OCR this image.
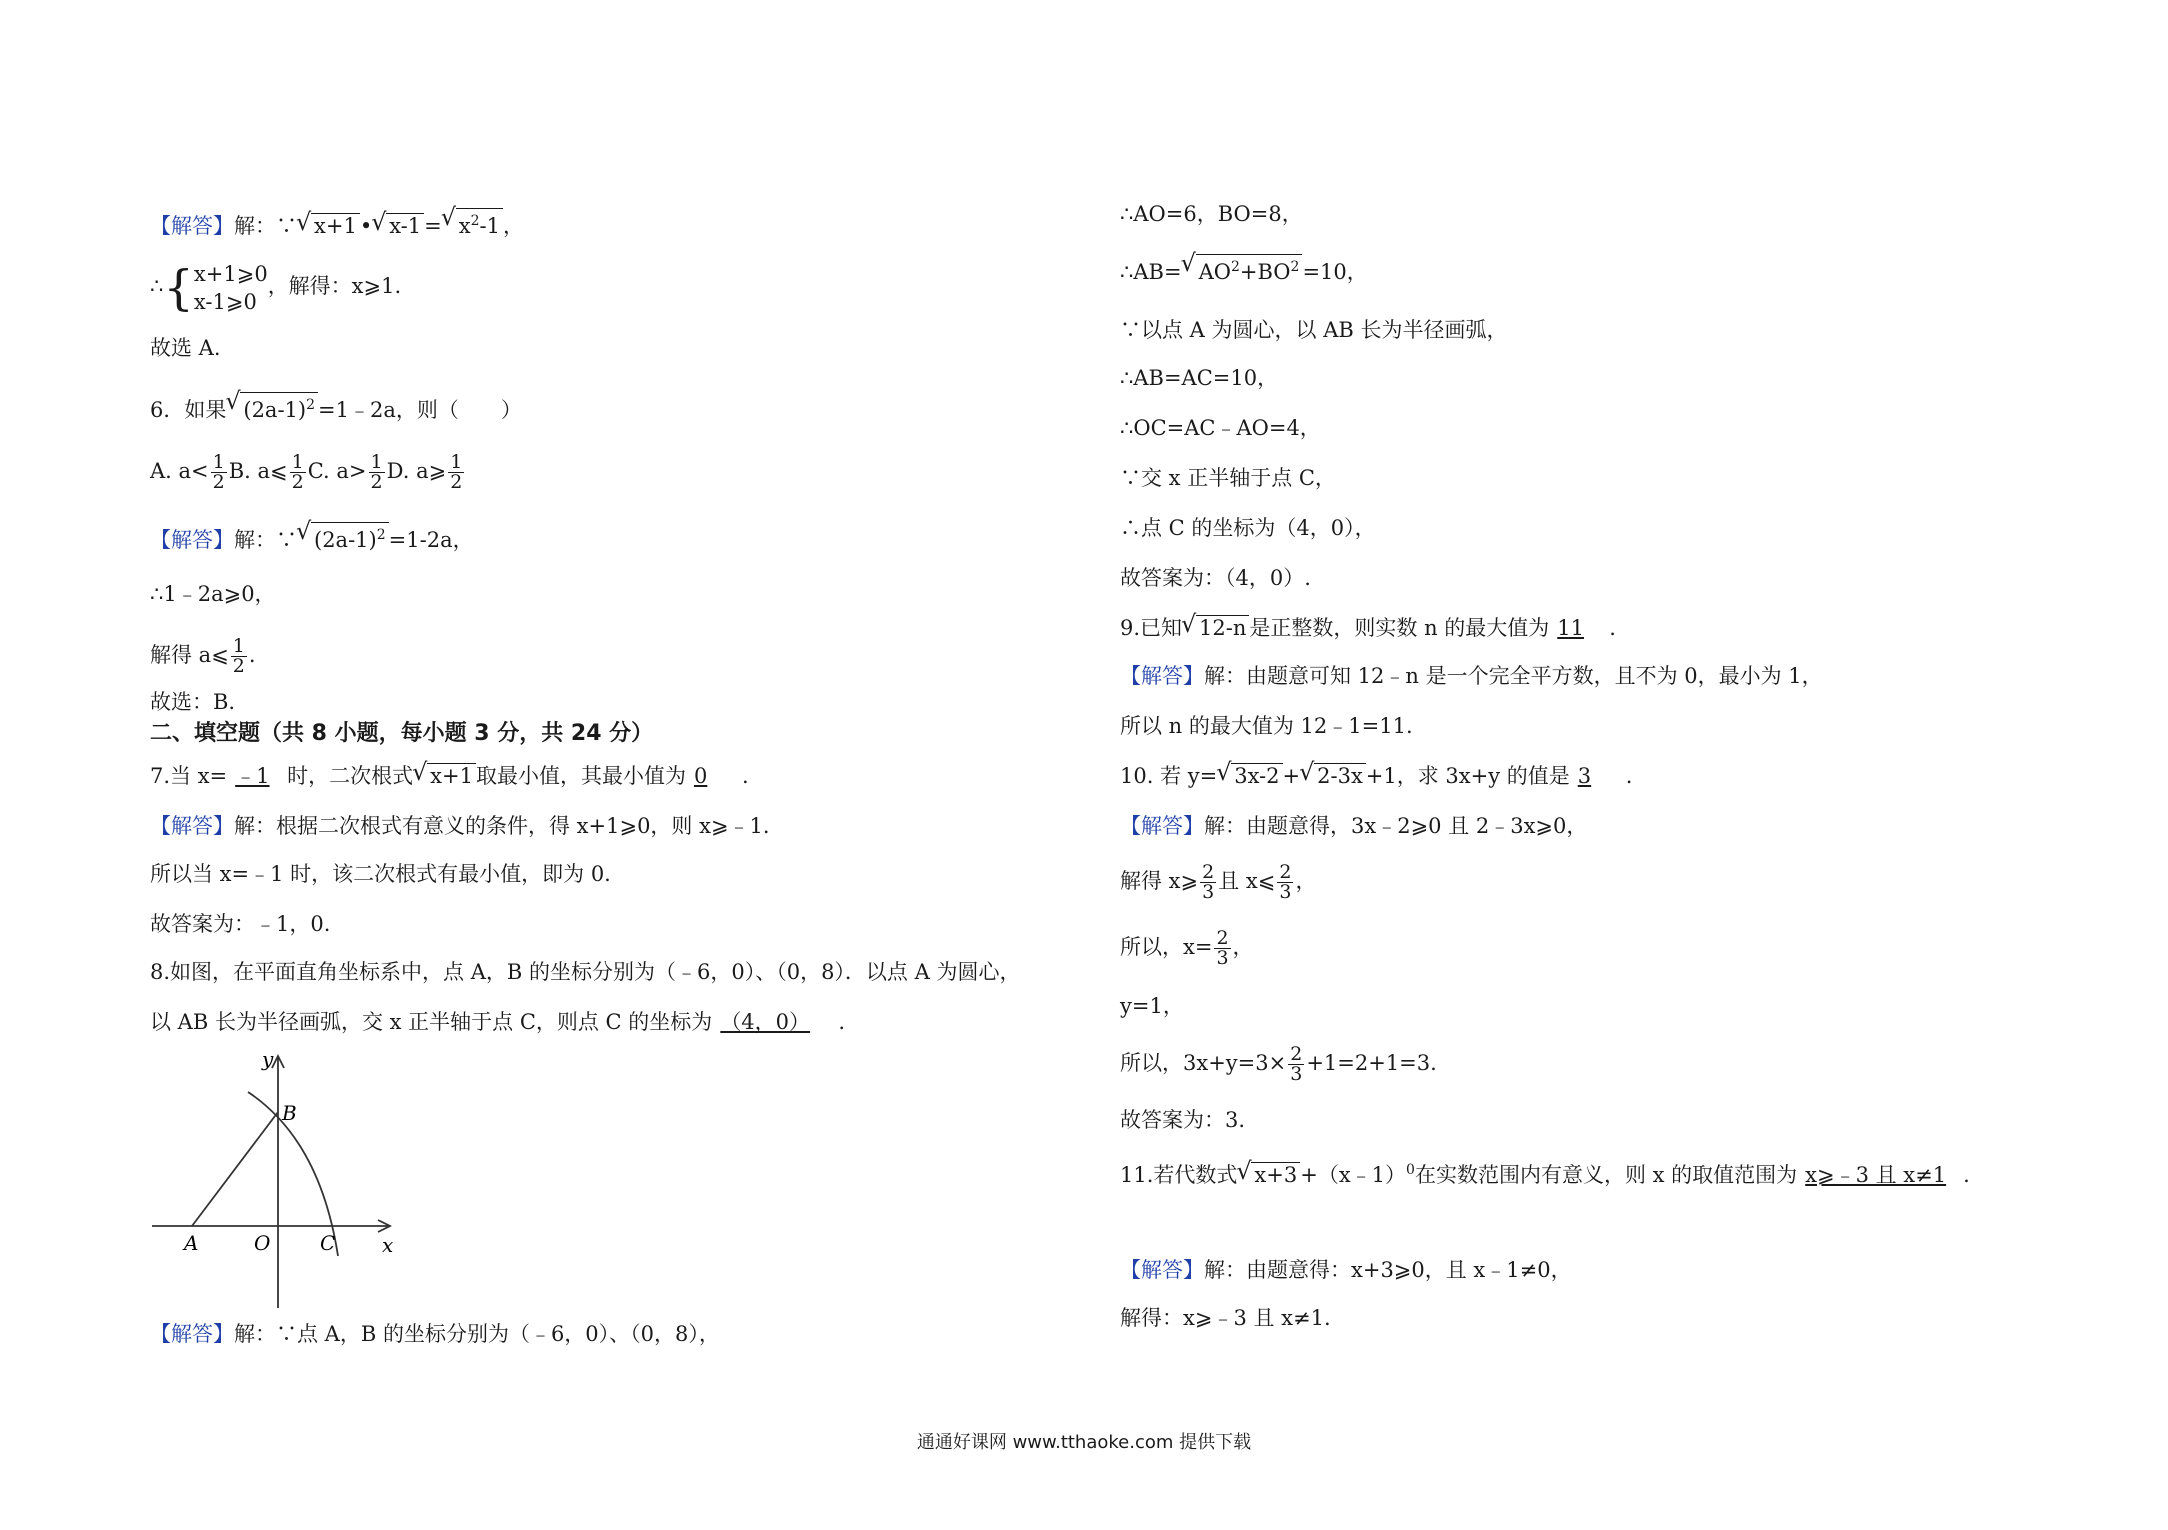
【解答】解：∵ √ x+1 • √ x-1 = √ $x^2-1$ ，
∴{ x+1⩾0
x-1⩾0
，解得：x⩾1.
故选 A.
6．如果 √ $(2a-1)^2$ =1﹣2a，则（　　）
A. $a< \frac{1}{2} B$. a⩽ $\frac{1}{2} C$. $a> \frac{1}{2} D$. a⩾ $\frac{1}{2}$
【解答】解：∵ √ $(2a-1)^2 =1-2a$，
∴1﹣2a⩾0，
解得 a⩽ $\frac{1}{2}$ .
故选：B.
二、填空题（共 8 小题，每小题 3 分，共 24 分）
7.当 x= ﹣1 时，二次根式 √ x+1 取最小值，其最小值为 0 .
【解答】解：根据二次根式有意义的条件，得 x+1⩾0，则 x⩾﹣1.
所以当 x=﹣1 时，该二次根式有最小值，即为 0.
故答案为：﹣1，0.
8.如图，在平面直角坐标系中，点 A，B 的坐标分别为（﹣6，0）、（0，8）．以点 A 为圆心，
以 AB 长为半径画弧，交 x 正半轴于点 C，则点 C 的坐标为 （4，0） .
【解答】解：∵点 A，B 的坐标分别为（﹣6，0）、（0，8），
y
x
A	O C
B
∴AO=6，BO=8，
∴AB= √ $AO^2+BO^2 =10$，
∵以点 A 为圆心，以 AB 长为半径画弧，
∴AB=AC=10，
∴OC=AC﹣AO=4，
∵交 x 正半轴于点 C，
∴点 C 的坐标为（4，0），
故答案为：（4，0）.
9.已知 √ 12-n 是正整数，则实数 n 的最大值为 11 .
【解答】解：由题意可知 12﹣n 是一个完全平方数，且不为 0，最小为 1，
所以 n 的最大值为 12﹣1=11.
10. 若 y= √ 3x-2 + √ 2-3x +1，求 3x+y 的值是 3 .
【解答】解：由题意得，3x﹣2⩾0 且 2﹣3x⩾0，
解得 x⩾ $\frac{2}{3}$ 且 x⩽ $\frac{2}{3}$ ，
所以，$x= \frac{2}{3}$ ，
y=1，
所以，$3x+y=3\times \frac{2}{3} +1=2+1=3$.
故答案为：3.
11.若代数式 √ x+3 +（x﹣1）$^0$在实数范围内有意义，则 x 的取值范围为 x⩾﹣3 且 x≠1 .
【解答】解：由题意得：x+3⩾0，且 x﹣1≠0，
解得：x⩾﹣3 且 x≠1.
通通好课网 www.tthaoke.com 提供下载
